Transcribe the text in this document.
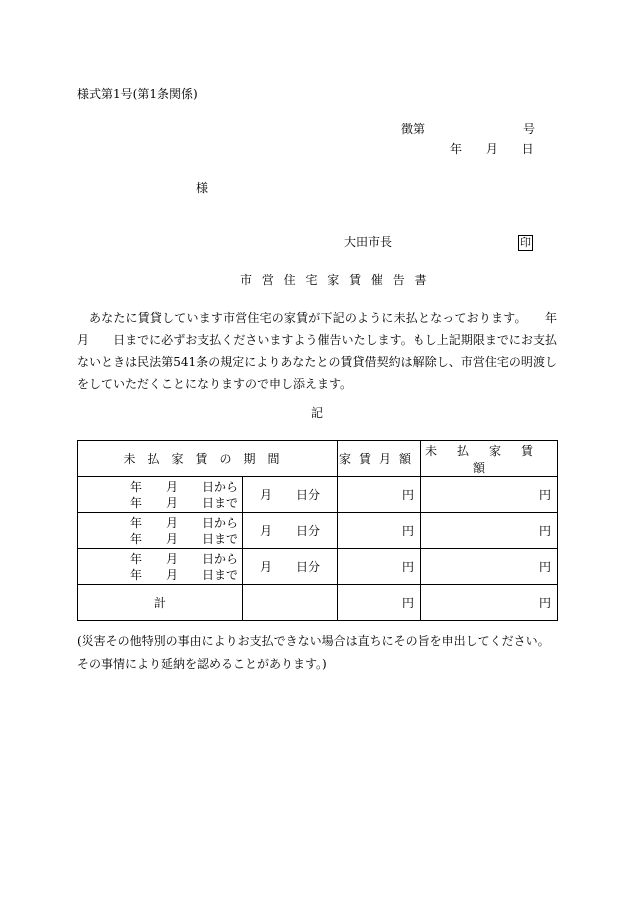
様式第1号(第1条関係)
徴第	号
年 月 日
様
大田市長	印
市 営 住 宅 家 賃 催 告 書
あなたに賃貸しています市営住宅の家賃が下記のように未払となっております。　　年　　月　　日までに必ずお支払くださいますよう催告いたします。もし上記期限までにお支払ないときは民法第541条の規定によりあなたとの賃貸借契約は解除し、市営住宅の明渡しをしていただくことになりますので申し添えます。
記
未払家賃の期間		家賃月額	未払家賃額
年　　月　　日から
年　　月　　日まで	月　　日分	円	円
年　　月　　日から
年　　月　　日まで	月　　日分	円	円
年　　月　　日から
年　　月　　日まで	月　　日分	円	円
計		円	円
(災害その他特別の事由によりお支払できない場合は直ちにその旨を申出してください。その事情により延納を認めることがあります。)
